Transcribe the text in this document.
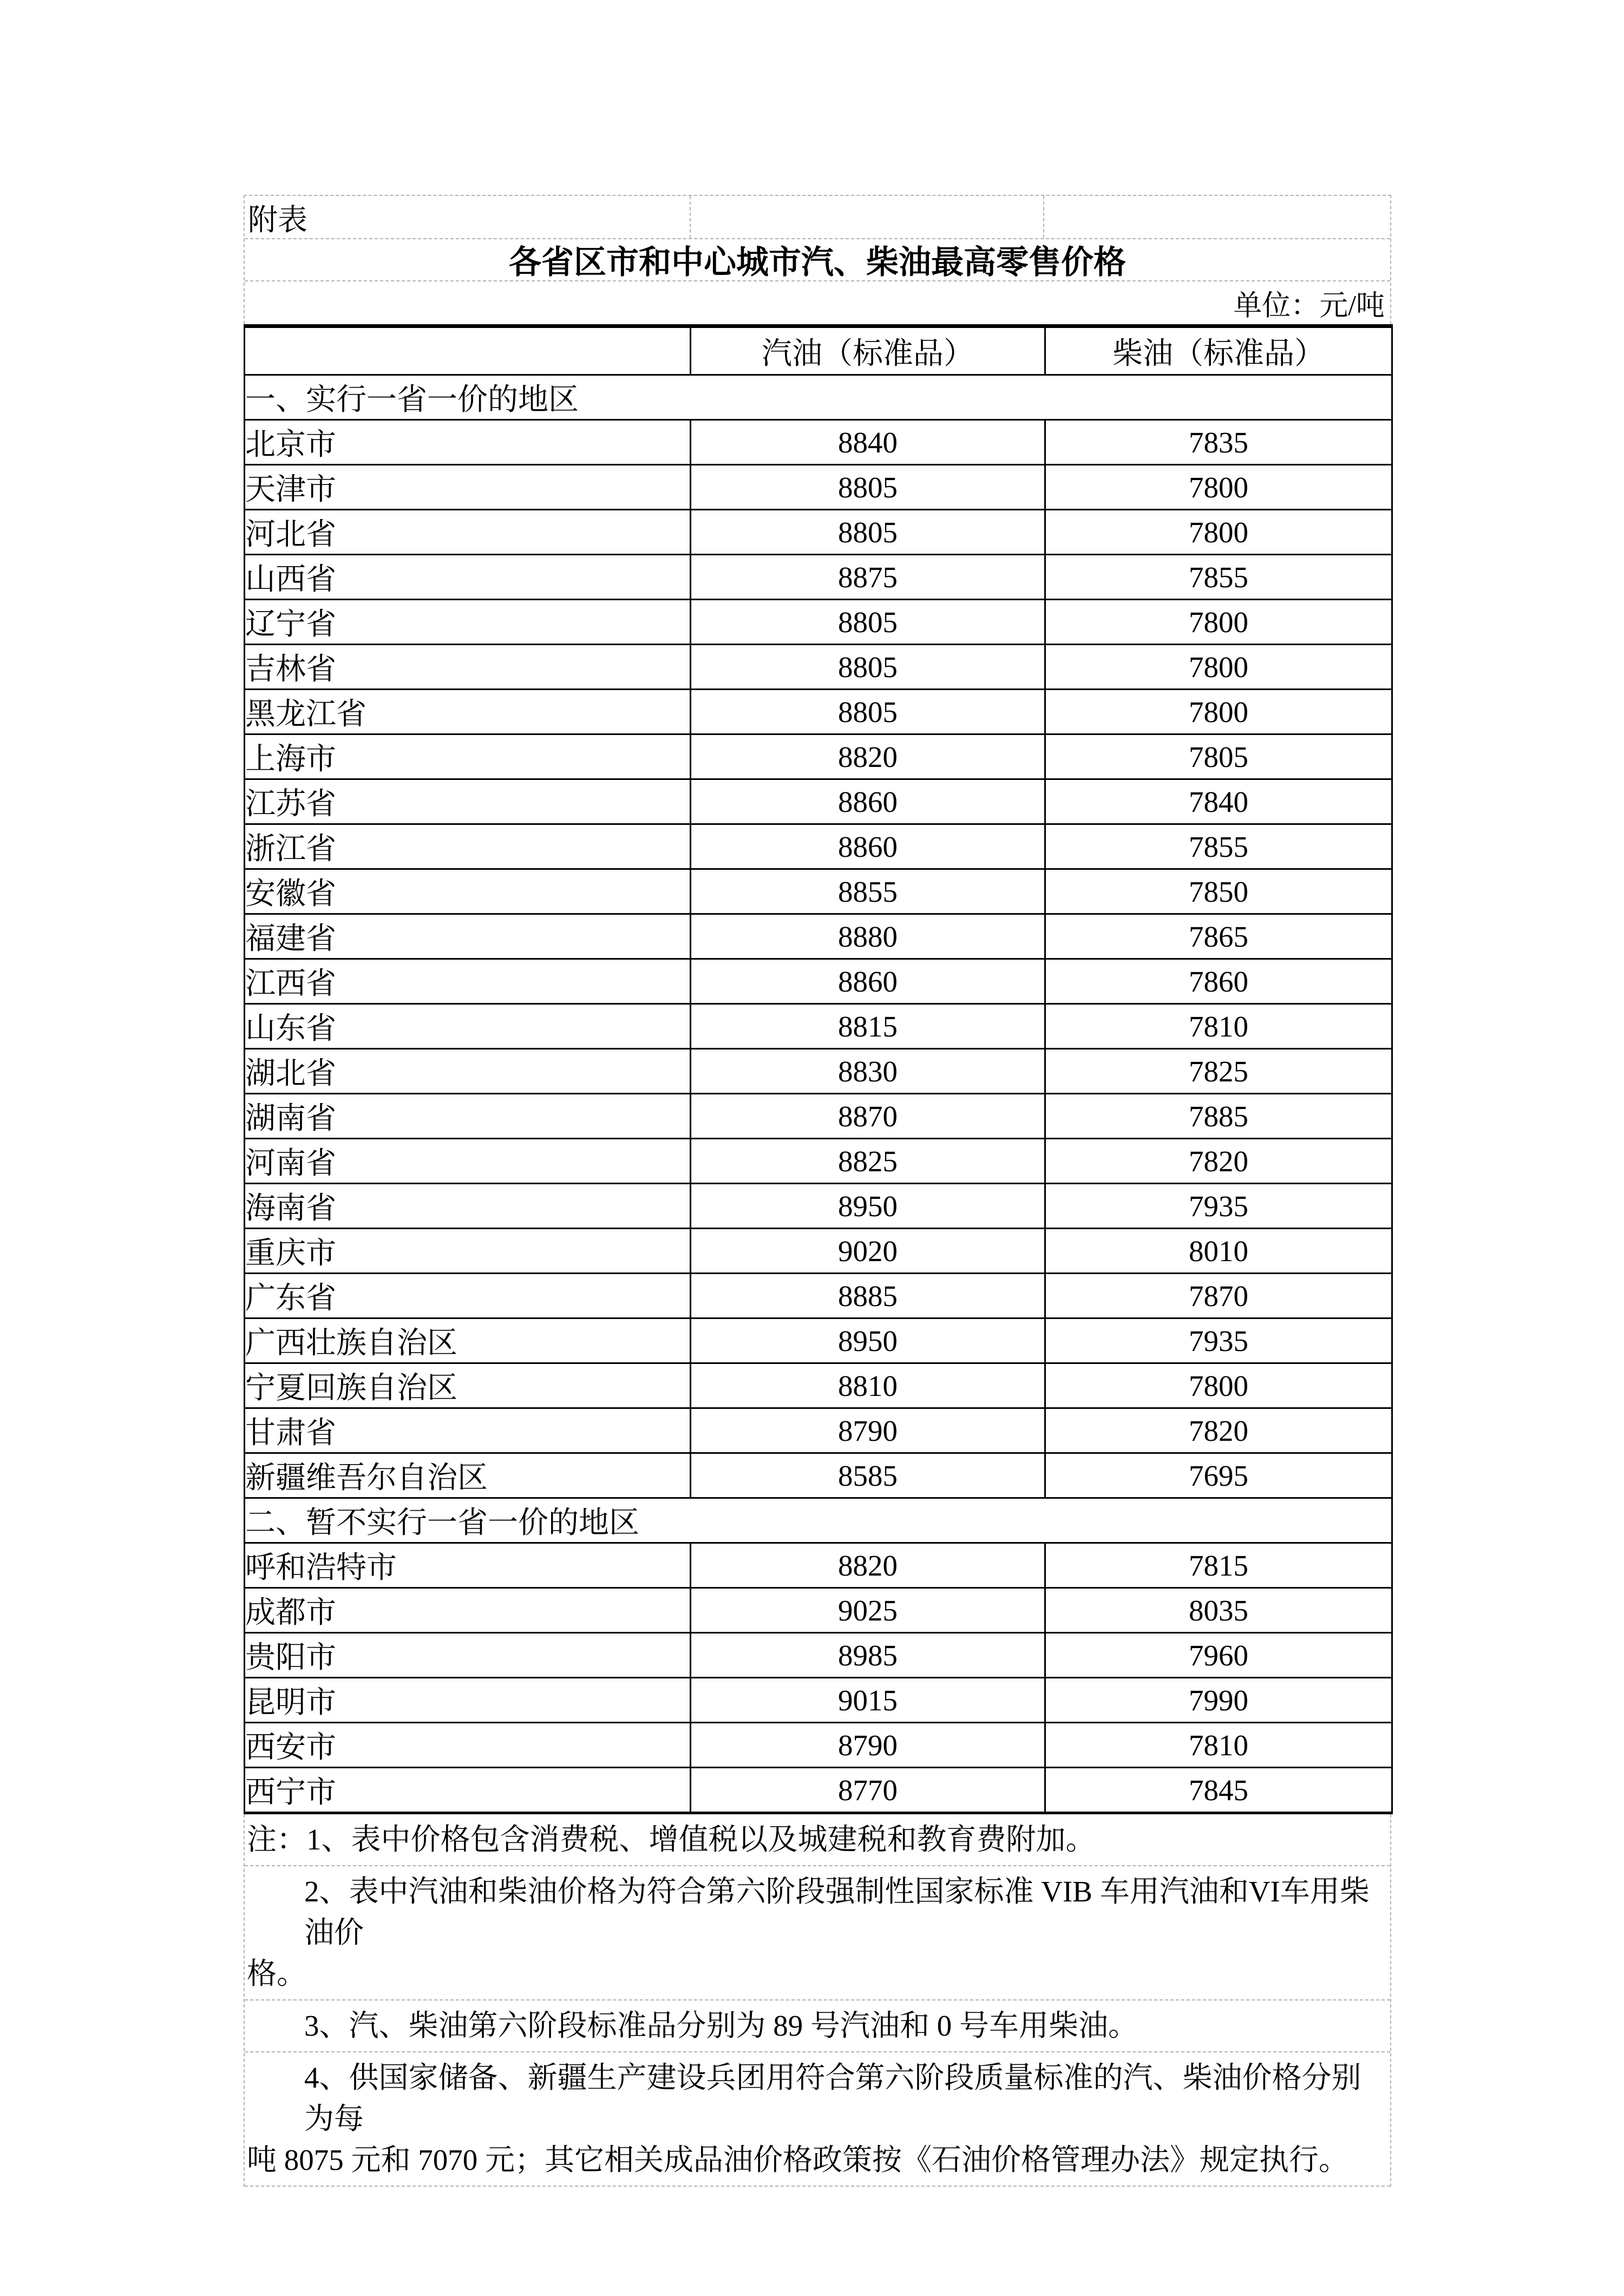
附表
各省区市和中心城市汽、柴油最高零售价格
单位：元/吨
	汽油（标准品）	柴油（标准品）
一、实行一省一价的地区		
北京市	8840	7835
天津市	8805	7800
河北省	8805	7800
山西省	8875	7855
辽宁省	8805	7800
吉林省	8805	7800
黑龙江省	8805	7800
上海市	8820	7805
江苏省	8860	7840
浙江省	8860	7855
安徽省	8855	7850
福建省	8880	7865
江西省	8860	7860
山东省	8815	7810
湖北省	8830	7825
湖南省	8870	7885
河南省	8825	7820
海南省	8950	7935
重庆市	9020	8010
广东省	8885	7870
广西壮族自治区	8950	7935
宁夏回族自治区	8810	7800
甘肃省	8790	7820
新疆维吾尔自治区	8585	7695
二、暂不实行一省一价的地区		
呼和浩特市	8820	7815
成都市	9025	8035
贵阳市	8985	7960
昆明市	9015	7990
西安市	8790	7810
西宁市	8770	7845
注：1、表中价格包含消费税、增值税以及城建税和教育费附加。
2、表中汽油和柴油价格为符合第六阶段强制性国家标准 VIB 车用汽油和VI车用柴油价
格。
3、汽、柴油第六阶段标准品分别为 89 号汽油和 0 号车用柴油。
4、供国家储备、新疆生产建设兵团用符合第六阶段质量标准的汽、柴油价格分别为每
吨 8075 元和 7070 元；其它相关成品油价格政策按《石油价格管理办法》规定执行。
